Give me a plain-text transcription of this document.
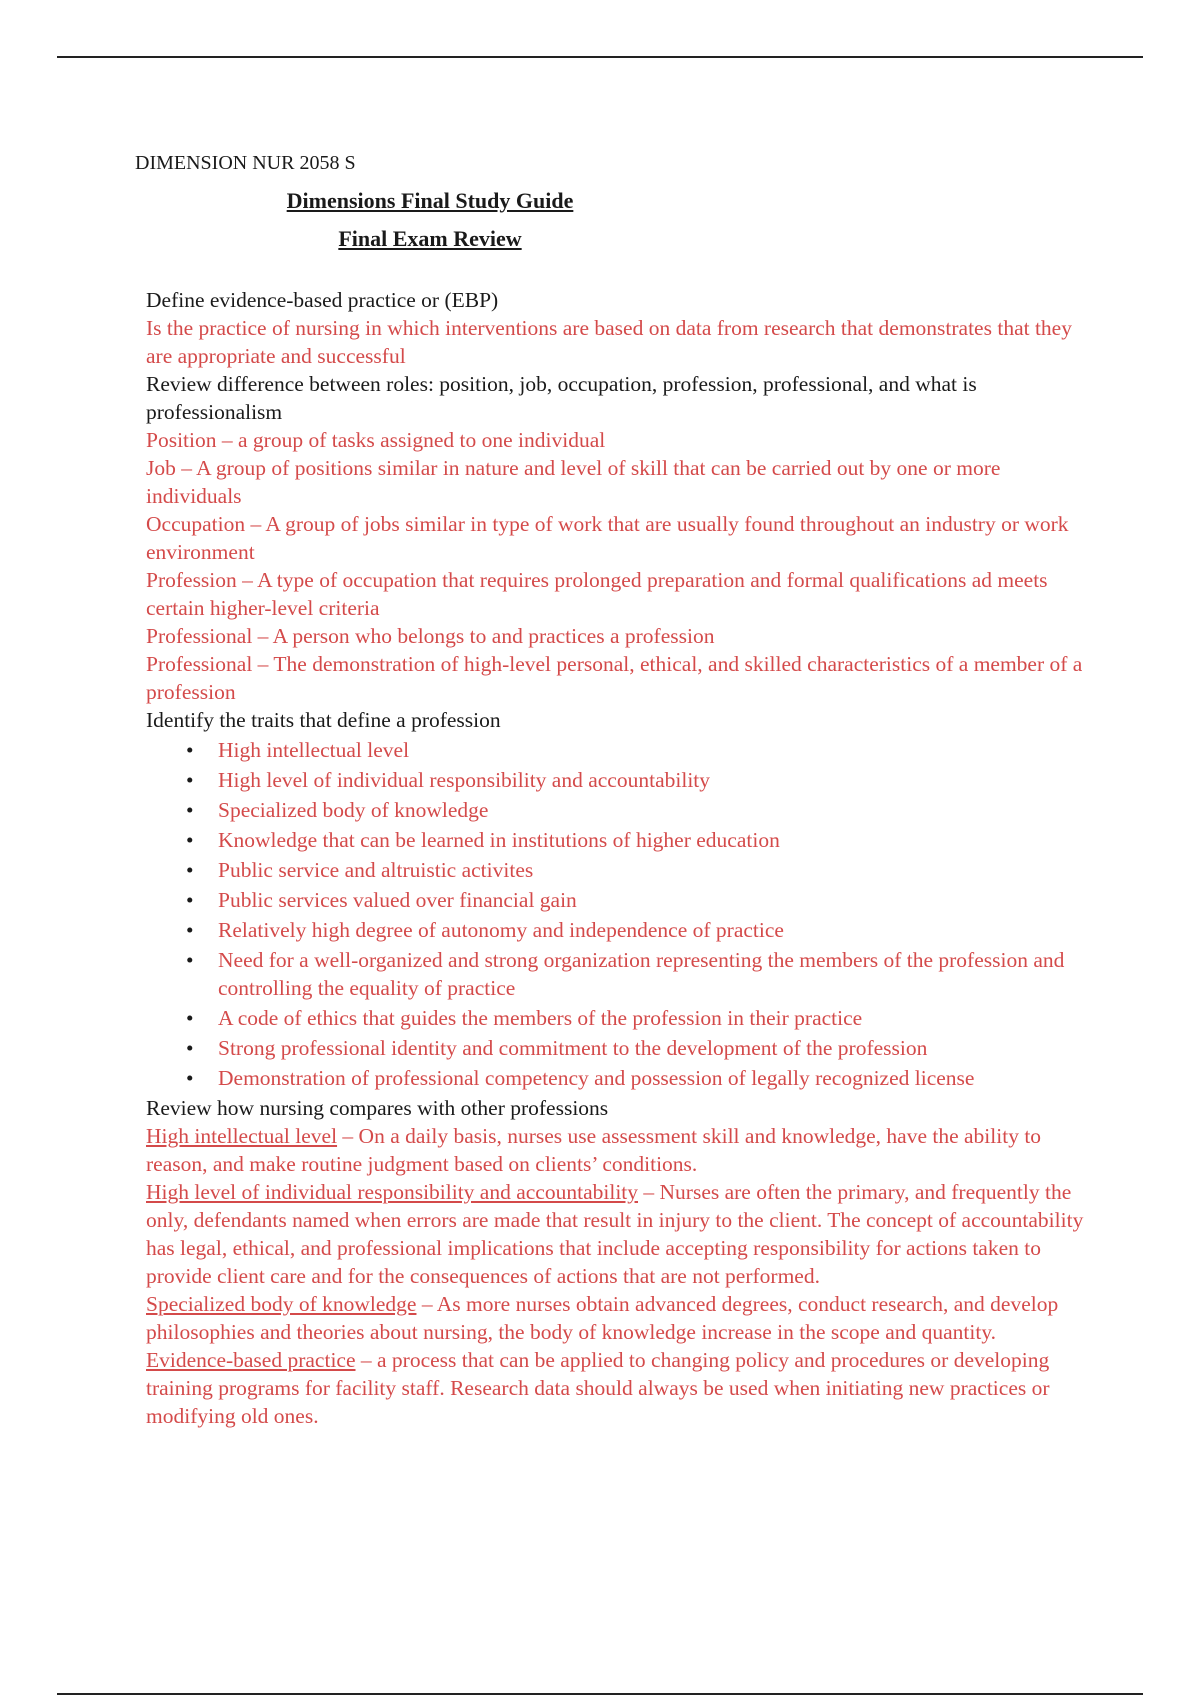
DIMENSION NUR 2058 S
Dimensions Final Study Guide
Final Exam Review

Define evidence-based practice or (EBP)

Is the practice of nursing in which interventions are based on data from research that demonstrates that they are appropriate and successful

Review difference between roles: position, job, occupation, profession, professional, and what is professionalism

Position – a group of tasks assigned to one individual

Job – A group of positions similar in nature and level of skill that can be carried out by one or more individuals

Occupation – A group of jobs similar in type of work that are usually found throughout an industry or work environment

Profession – A type of occupation that requires prolonged preparation and formal qualifications ad meets certain higher-level criteria

Professional – A person who belongs to and practices a profession

Professional – The demonstration of high-level personal, ethical, and skilled characteristics of a member of a profession

Identify the traits that define a profession

• High intellectual level
• High level of individual responsibility and accountability
• Specialized body of knowledge
• Knowledge that can be learned in institutions of higher education
• Public service and altruistic activites
• Public services valued over financial gain
• Relatively high degree of autonomy and independence of practice
• Need for a well-organized and strong organization representing the members of the profession and controlling the equality of practice
• A code of ethics that guides the members of the profession in their practice
• Strong professional identity and commitment to the development of the profession
• Demonstration of professional competency and possession of legally recognized license

Review how nursing compares with other professions

High intellectual level – On a daily basis, nurses use assessment skill and knowledge, have the ability to reason, and make routine judgment based on clients’ conditions.

High level of individual responsibility and accountability – Nurses are often the primary, and frequently the only, defendants named when errors are made that result in injury to the client. The concept of accountability has legal, ethical, and professional implications that include accepting responsibility for actions taken to provide client care and for the consequences of actions that are not performed.

Specialized body of knowledge – As more nurses obtain advanced degrees, conduct research, and develop philosophies and theories about nursing, the body of knowledge increase in the scope and quantity.

Evidence-based practice – a process that can be applied to changing policy and procedures or developing training programs for facility staff. Research data should always be used when initiating new practices or modifying old ones.
